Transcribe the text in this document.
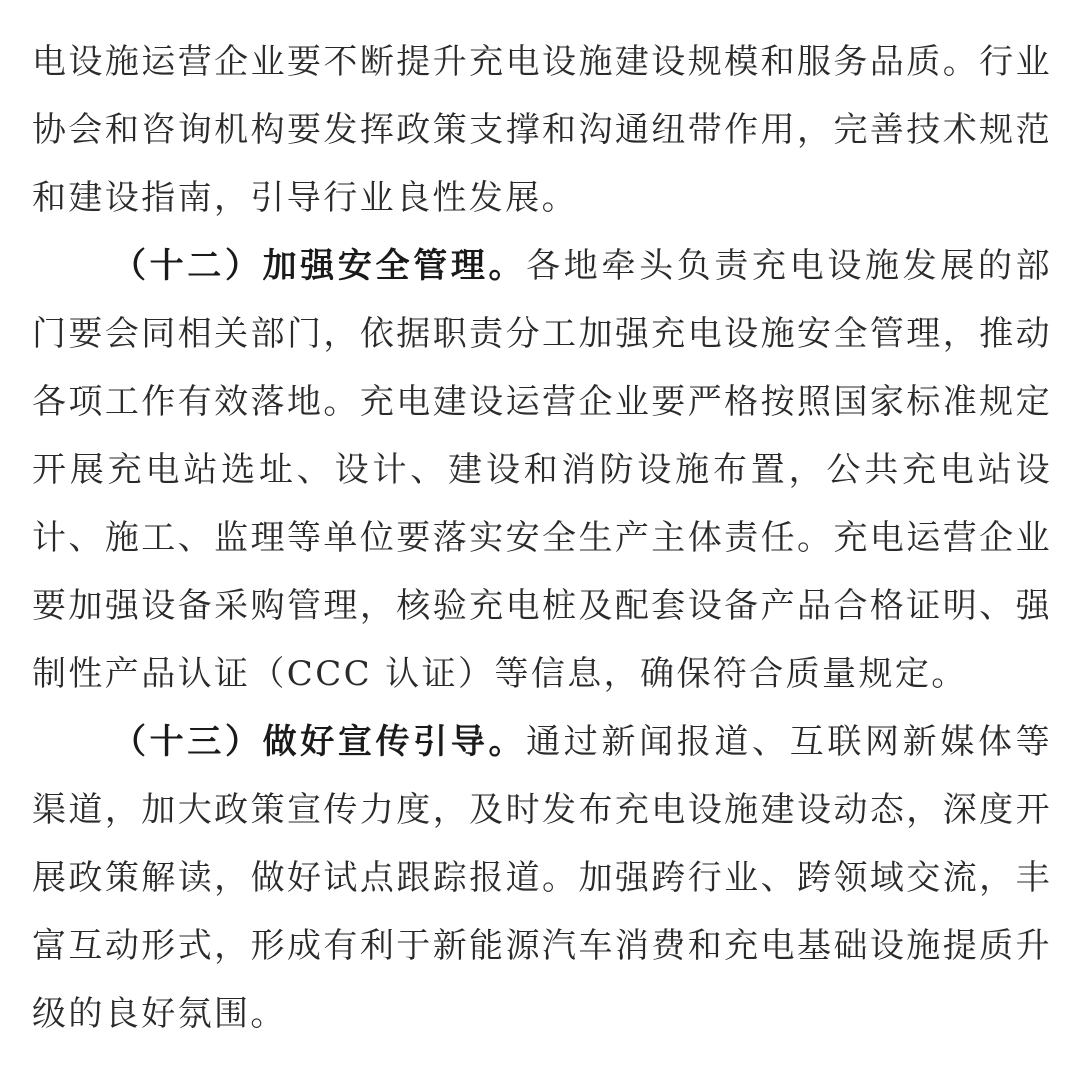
电设施运营企业要不断提升充电设施建设规模和服务品质。行业协会和咨询机构要发挥政策支撑和沟通纽带作用，完善技术规范和建设指南，引导行业良性发展。

（十二）加强安全管理。各地牵头负责充电设施发展的部门要会同相关部门，依据职责分工加强充电设施安全管理，推动各项工作有效落地。充电建设运营企业要严格按照国家标准规定开展充电站选址、设计、建设和消防设施布置，公共充电站设计、施工、监理等单位要落实安全生产主体责任。充电运营企业要加强设备采购管理，核验充电桩及配套设备产品合格证明、强制性产品认证（CCC 认证）等信息，确保符合质量规定。

（十三）做好宣传引导。通过新闻报道、互联网新媒体等渠道，加大政策宣传力度，及时发布充电设施建设动态，深度开展政策解读，做好试点跟踪报道。加强跨行业、跨领域交流，丰富互动形式，形成有利于新能源汽车消费和充电基础设施提质升级的良好氛围。
